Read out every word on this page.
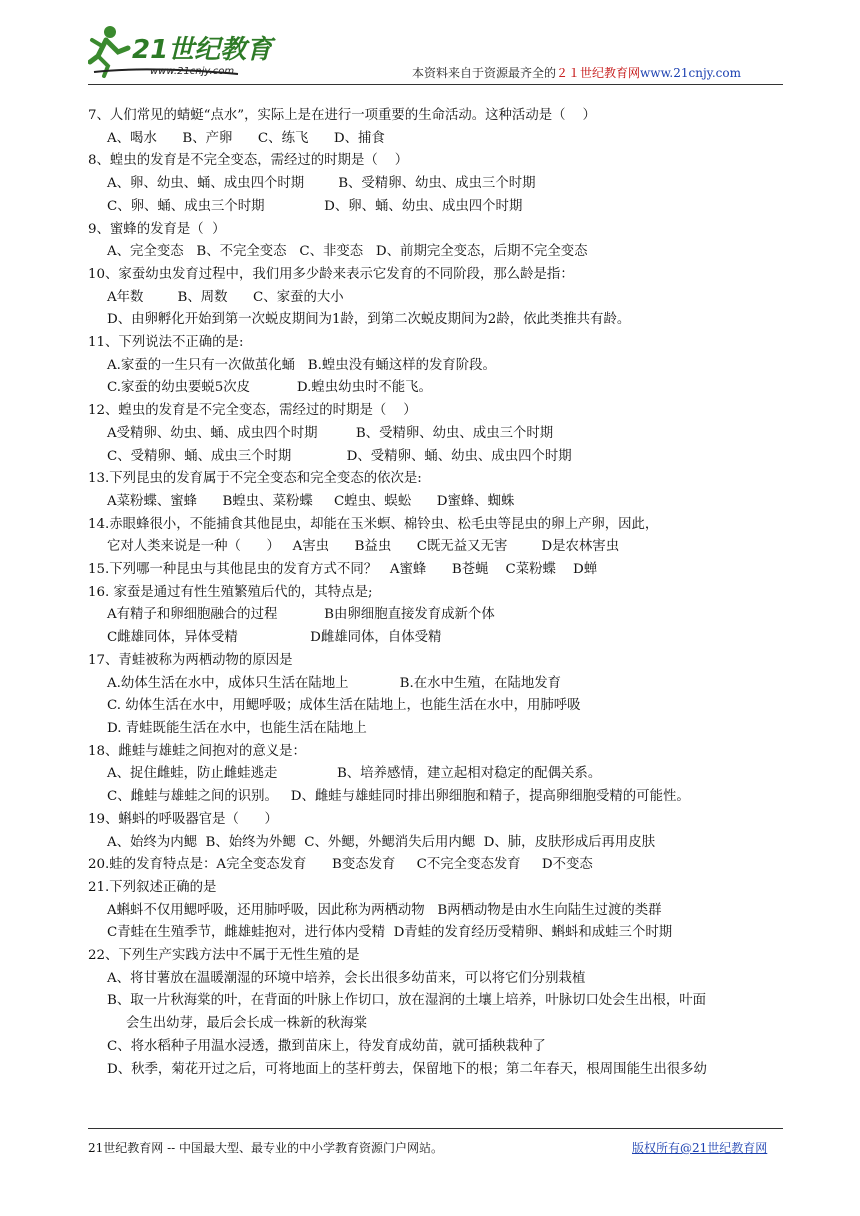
21世纪教育
www.21cnjy.com	本资料来自于资源最齐全的２１世纪教育网www.21cnjy.com
7、人们常见的蜻蜓“点水”，实际上是在进行一项重要的生命活动。这种活动是（    ）
A、喝水      B、产卵      C、练飞      D、捕食
8、蝗虫的发育是不完全变态，需经过的时期是（    ）
A、卵、幼虫、蛹、成虫四个时期        B、受精卵、幼虫、成虫三个时期
C、卵、蛹、成虫三个时期              D、卵、蛹、幼虫、成虫四个时期
9、蜜蜂的发育是（  ）
A、完全变态   B、不完全变态   C、非变态   D、前期完全变态，后期不完全变态
10、家蚕幼虫发育过程中，我们用多少龄来表示它发育的不同阶段，那么龄是指：
A年数        B、周数      C、家蚕的大小
D、由卵孵化开始到第一次蜕皮期间为1龄，到第二次蜕皮期间为2龄，依此类推共有龄。
11、下列说法不正确的是:
A.家蚕的一生只有一次做茧化蛹   B.蝗虫没有蛹这样的发育阶段。
C.家蚕的幼虫要蜕5次皮           D.蝗虫幼虫时不能飞。
12、蝗虫的发育是不完全变态，需经过的时期是（    ）
A受精卵、幼虫、蛹、成虫四个时期         B、受精卵、幼虫、成虫三个时期
C、受精卵、蛹、成虫三个时期             D、受精卵、蛹、幼虫、成虫四个时期
13.下列昆虫的发育属于不完全变态和完全变态的依次是:
A菜粉蝶、蜜蜂      B蝗虫、菜粉蝶     C蝗虫、蜈蚣      D蜜蜂、蜘蛛
14.赤眼蜂很小，不能捕食其他昆虫，却能在玉米螟、棉铃虫、松毛虫等昆虫的卵上产卵，因此，
它对人类来说是一种（      ）   A害虫      B益虫      C既无益又无害        D是农林害虫
15.下列哪一种昆虫与其他昆虫的发育方式不同？   A蜜蜂      B苍蝇    C菜粉蝶    D蝉
16. 家蚕是通过有性生殖繁殖后代的，其特点是;
A有精子和卵细胞融合的过程           B由卵细胞直接发育成新个体
C雌雄同体，异体受精                 D雌雄同体，自体受精
17、青蛙被称为两栖动物的原因是
A.幼体生活在水中，成体只生活在陆地上            B.在水中生殖，在陆地发育
C. 幼体生活在水中，用鳃呼吸；成体生活在陆地上，也能生活在水中，用肺呼吸
D. 青蛙既能生活在水中，也能生活在陆地上
18、雌蛙与雄蛙之间抱对的意义是：
A、捉住雌蛙，防止雌蛙逃走              B、培养感情，建立起相对稳定的配偶关系。
C、雌蛙与雄蛙之间的识别。   D、雌蛙与雄蛙同时排出卵细胞和精子，提高卵细胞受精的可能性。
19、蝌蚪的呼吸器官是（      ）
A、始终为内鳃  B、始终为外鳃  C、外鳃，外鳃消失后用内鳃  D、肺，皮肤形成后再用皮肤
20.蛙的发育特点是：A完全变态发育      B变态发育     C不完全变态发育     D不变态
21.下列叙述正确的是
A蝌蚪不仅用鳃呼吸，还用肺呼吸，因此称为两栖动物   B两栖动物是由水生向陆生过渡的类群
C青蛙在生殖季节，雌雄蛙抱对，进行体内受精  D青蛙的发育经历受精卵、蝌蚪和成蛙三个时期
22、下列生产实践方法中不属于无性生殖的是
A、将甘薯放在温暖潮湿的环境中培养，会长出很多幼苗来，可以将它们分别栽植
B、取一片秋海棠的叶，在背面的叶脉上作切口，放在湿润的土壤上培养，叶脉切口处会生出根，叶面
会生出幼芽，最后会长成一株新的秋海棠
C、将水稻种子用温水浸透，撒到苗床上，待发育成幼苗，就可插秧栽种了
D、秋季，菊花开过之后，可将地面上的茎杆剪去，保留地下的根；第二年春天，根周围能生出很多幼
21世纪教育网 -- 中国最大型、最专业的中小学教育资源门户网站。	版权所有@21世纪教育网
